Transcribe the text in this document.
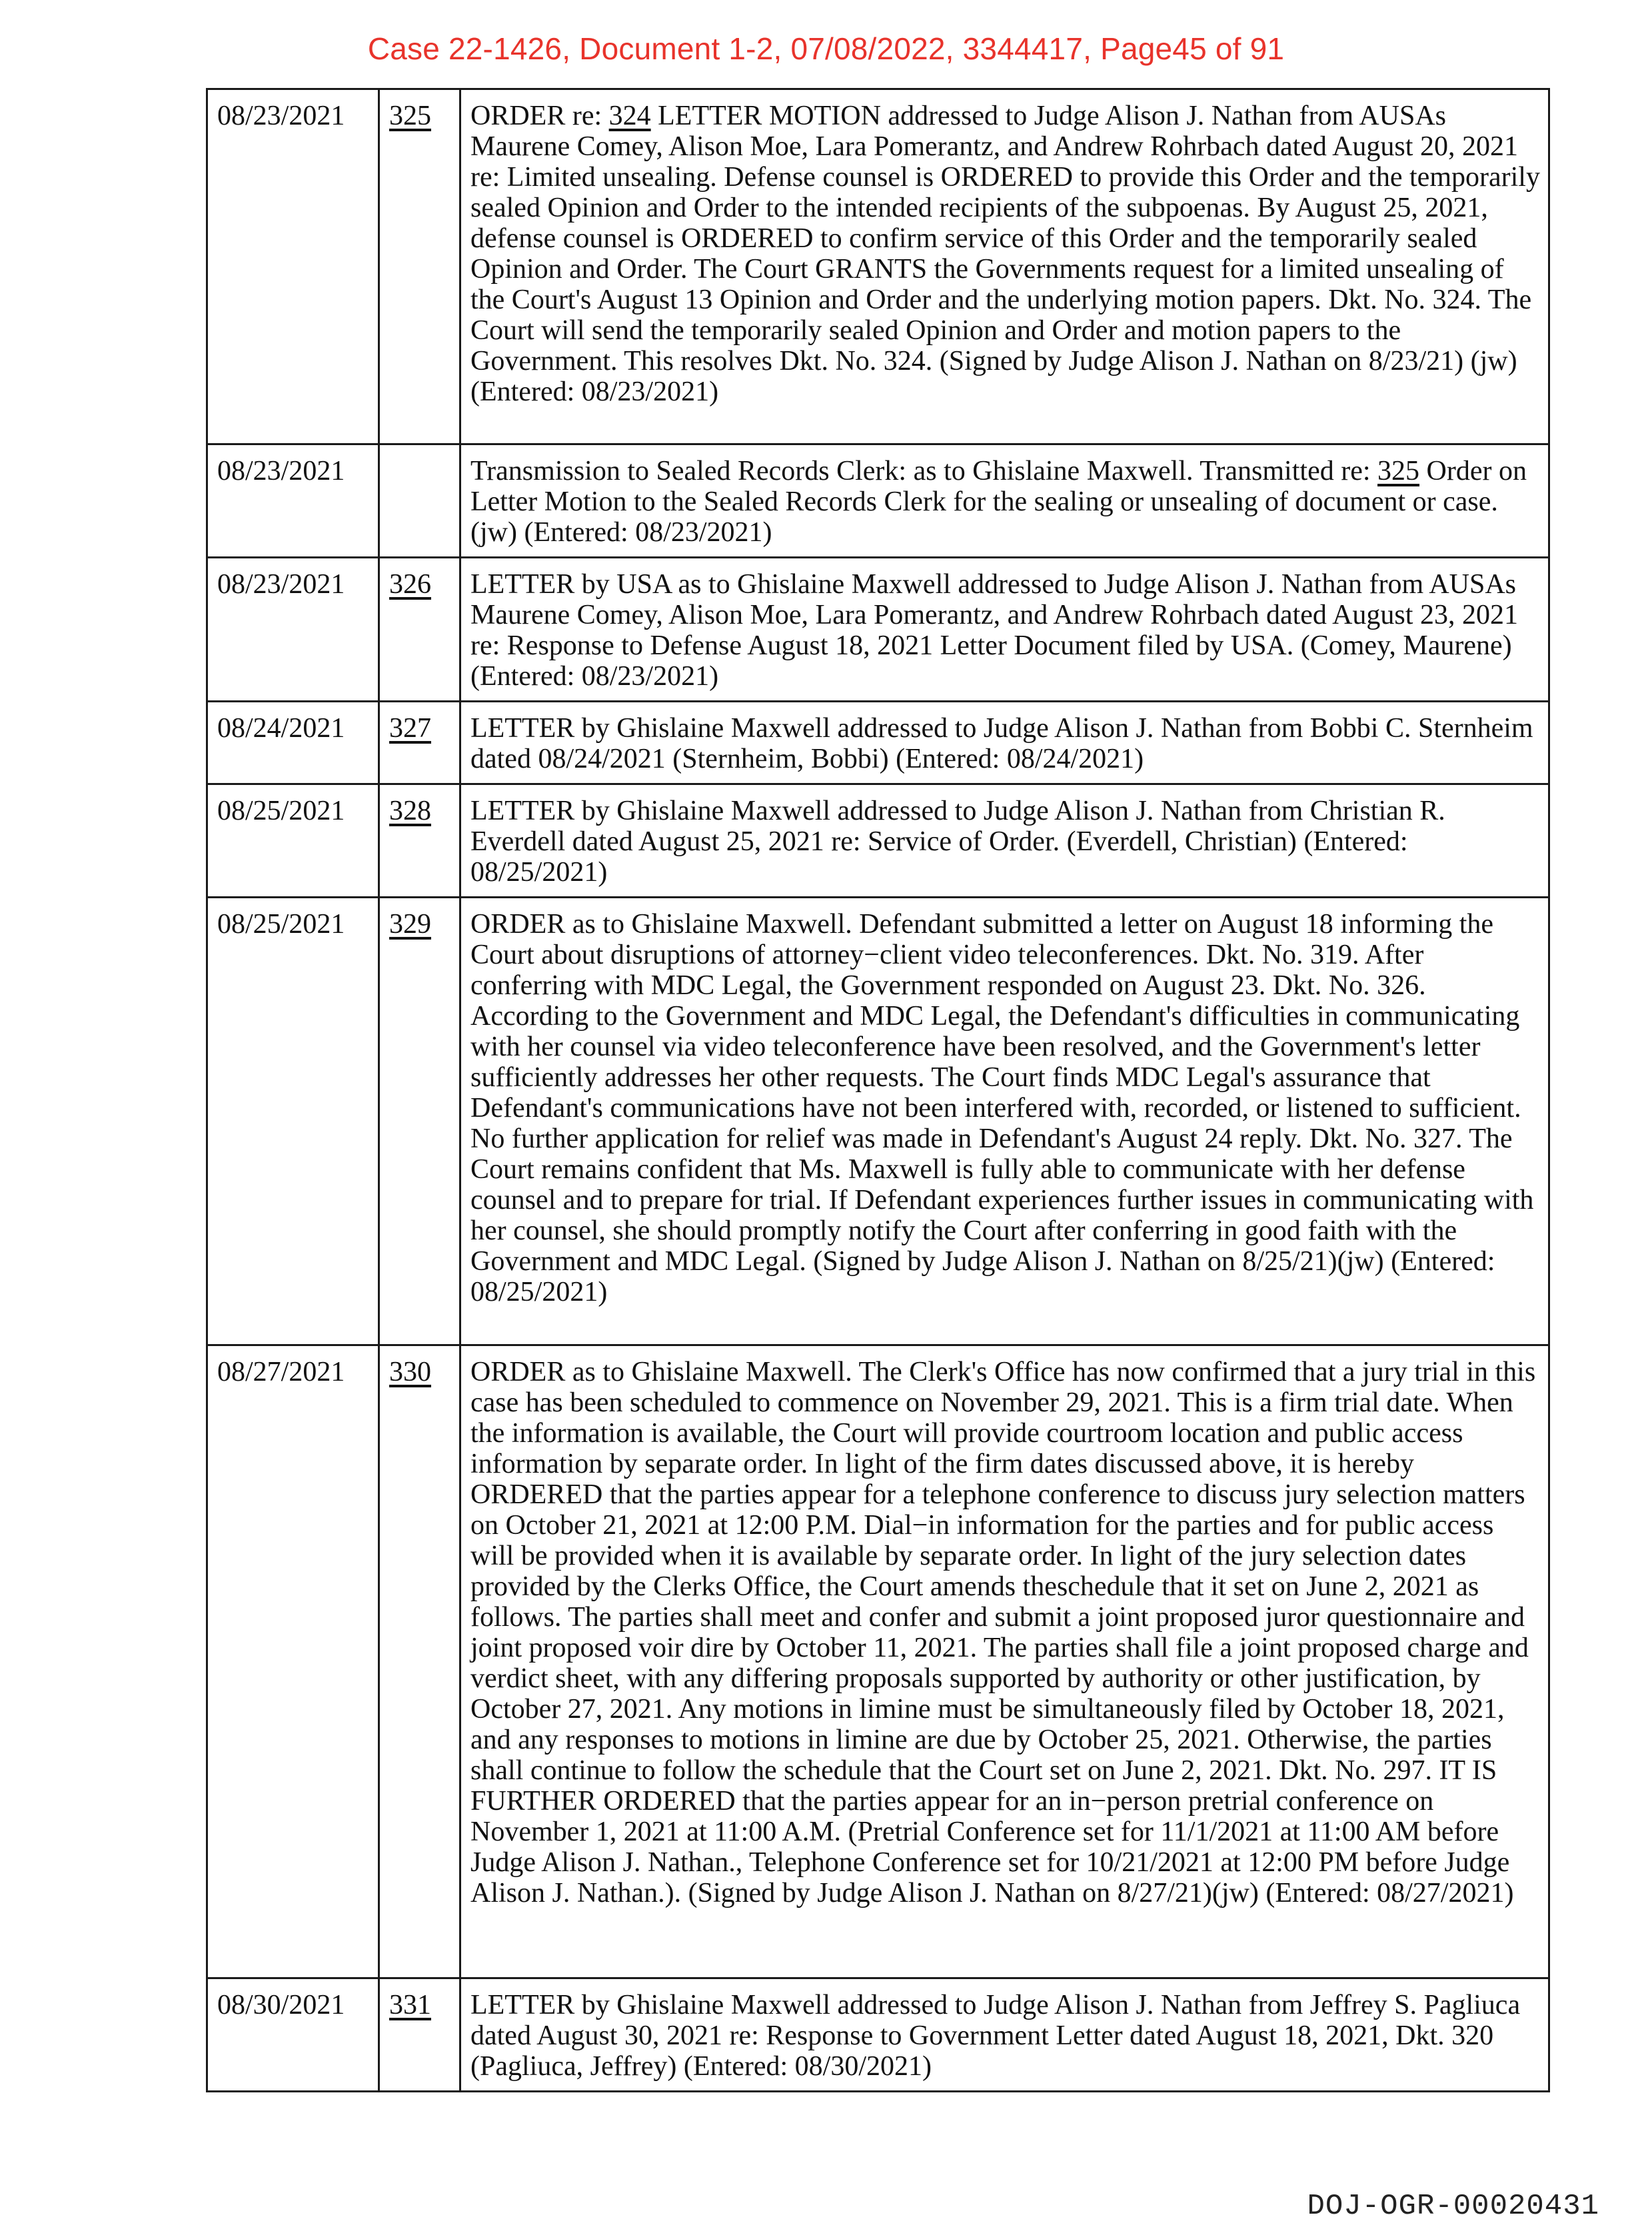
Case 22-1426, Document 1-2, 07/08/2022, 3344417, Page45 of 91
08/23/2021	325	ORDER re: 324 LETTER MOTION addressed to Judge Alison J. Nathan from AUSAs Maurene Comey, Alison Moe, Lara Pomerantz, and Andrew Rohrbach dated August 20, 2021 re: Limited unsealing. Defense counsel is ORDERED to provide this Order and the temporarily sealed Opinion and Order to the intended recipients of the subpoenas. By August 25, 2021, defense counsel is ORDERED to confirm service of this Order and the temporarily sealed Opinion and Order. The Court GRANTS the Governments request for a limited unsealing of the Court's August 13 Opinion and Order and the underlying motion papers. Dkt. No. 324. The Court will send the temporarily sealed Opinion and Order and motion papers to the Government. This resolves Dkt. No. 324. (Signed by Judge Alison J. Nathan on 8/23/21) (jw) (Entered: 08/23/2021)
08/23/2021		Transmission to Sealed Records Clerk: as to Ghislaine Maxwell. Transmitted re: 325 Order on Letter Motion to the Sealed Records Clerk for the sealing or unsealing of document or case. (jw) (Entered: 08/23/2021)
08/23/2021	326	LETTER by USA as to Ghislaine Maxwell addressed to Judge Alison J. Nathan from AUSAs Maurene Comey, Alison Moe, Lara Pomerantz, and Andrew Rohrbach dated August 23, 2021 re: Response to Defense August 18, 2021 Letter Document filed by USA. (Comey, Maurene) (Entered: 08/23/2021)
08/24/2021	327	LETTER by Ghislaine Maxwell addressed to Judge Alison J. Nathan from Bobbi C. Sternheim dated 08/24/2021 (Sternheim, Bobbi) (Entered: 08/24/2021)
08/25/2021	328	LETTER by Ghislaine Maxwell addressed to Judge Alison J. Nathan from Christian R. Everdell dated August 25, 2021 re: Service of Order. (Everdell, Christian) (Entered: 08/25/2021)
08/25/2021	329	ORDER as to Ghislaine Maxwell. Defendant submitted a letter on August 18 informing the Court about disruptions of attorney−client video teleconferences. Dkt. No. 319. After conferring with MDC Legal, the Government responded on August 23. Dkt. No. 326. According to the Government and MDC Legal, the Defendant's difficulties in communicating with her counsel via video teleconference have been resolved, and the Government's letter sufficiently addresses her other requests. The Court finds MDC Legal's assurance that Defendant's communications have not been interfered with, recorded, or listened to sufficient. No further application for relief was made in Defendant's August 24 reply. Dkt. No. 327. The Court remains confident that Ms. Maxwell is fully able to communicate with her defense counsel and to prepare for trial. If Defendant experiences further issues in communicating with her counsel, she should promptly notify the Court after conferring in good faith with the Government and MDC Legal. (Signed by Judge Alison J. Nathan on 8/25/21)(jw) (Entered: 08/25/2021)
08/27/2021	330	ORDER as to Ghislaine Maxwell. The Clerk's Office has now confirmed that a jury trial in this case has been scheduled to commence on November 29, 2021. This is a firm trial date. When the information is available, the Court will provide courtroom location and public access information by separate order. In light of the firm dates discussed above, it is hereby ORDERED that the parties appear for a telephone conference to discuss jury selection matters on October 21, 2021 at 12:00 P.M. Dial−in information for the parties and for public access will be provided when it is available by separate order. In light of the jury selection dates provided by the Clerks Office, the Court amends theschedule that it set on June 2, 2021 as follows. The parties shall meet and confer and submit a joint proposed juror questionnaire and joint proposed voir dire by October 11, 2021. The parties shall file a joint proposed charge and verdict sheet, with any differing proposals supported by authority or other justification, by October 27, 2021. Any motions in limine must be simultaneously filed by October 18, 2021, and any responses to motions in limine are due by October 25, 2021. Otherwise, the parties shall continue to follow the schedule that the Court set on June 2, 2021. Dkt. No. 297. IT IS FURTHER ORDERED that the parties appear for an in−person pretrial conference on November 1, 2021 at 11:00 A.M. (Pretrial Conference set for 11/1/2021 at 11:00 AM before Judge Alison J. Nathan., Telephone Conference set for 10/21/2021 at 12:00 PM before Judge Alison J. Nathan.). (Signed by Judge Alison J. Nathan on 8/27/21)(jw) (Entered: 08/27/2021)
08/30/2021	331	LETTER by Ghislaine Maxwell addressed to Judge Alison J. Nathan from Jeffrey S. Pagliuca dated August 30, 2021 re: Response to Government Letter dated August 18, 2021, Dkt. 320 (Pagliuca, Jeffrey) (Entered: 08/30/2021)
DOJ-OGR-00020431
